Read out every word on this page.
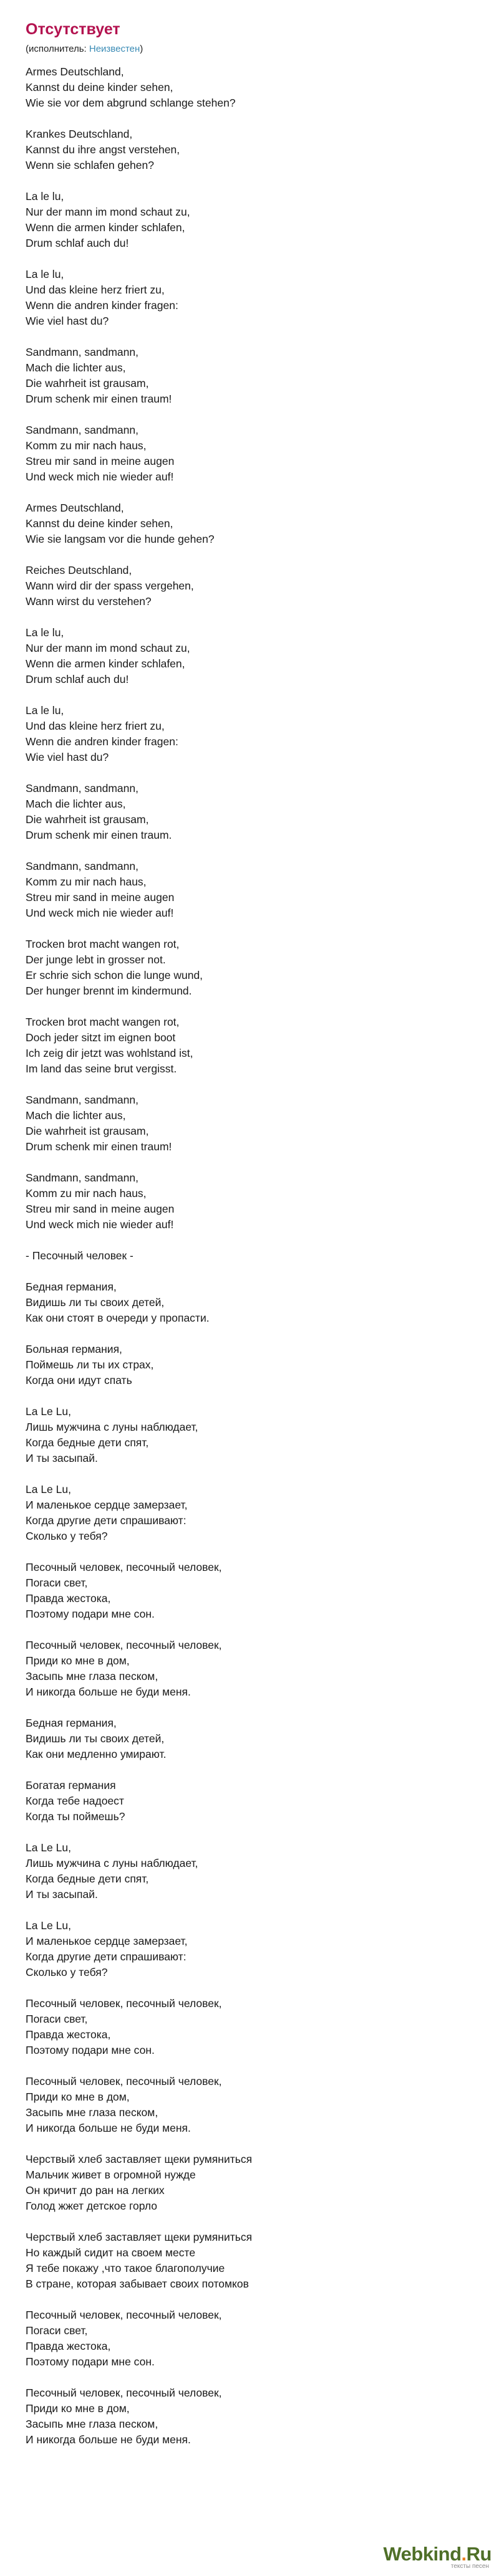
Отсутствует
(исполнитель: Неизвестен)
Armes Deutschland,
Kannst du deine kinder sehen,
Wie sie vor dem abgrund schlange stehen?
Krankes Deutschland,
Kannst du ihre angst verstehen,
Wenn sie schlafen gehen?
La le lu,
Nur der mann im mond schaut zu,
Wenn die armen kinder schlafen,
Drum schlaf auch du!
La le lu,
Und das kleine herz friert zu,
Wenn die andren kinder fragen:
Wie viel hast du?
Sandmann, sandmann,
Mach die lichter aus,
Die wahrheit ist grausam,
Drum schenk mir einen traum!
Sandmann, sandmann,
Komm zu mir nach haus,
Streu mir sand in meine augen
Und weck mich nie wieder auf!
Armes Deutschland,
Kannst du deine kinder sehen,
Wie sie langsam vor die hunde gehen?
Reiches Deutschland,
Wann wird dir der spass vergehen,
Wann wirst du verstehen?
La le lu,
Nur der mann im mond schaut zu,
Wenn die armen kinder schlafen,
Drum schlaf auch du!
La le lu,
Und das kleine herz friert zu,
Wenn die andren kinder fragen:
Wie viel hast du?
Sandmann, sandmann,
Mach die lichter aus,
Die wahrheit ist grausam,
Drum schenk mir einen traum.
Sandmann, sandmann,
Komm zu mir nach haus,
Streu mir sand in meine augen
Und weck mich nie wieder auf!
Trocken brot macht wangen rot,
Der junge lebt in grosser not.
Er schrie sich schon die lunge wund,
Der hunger brennt im kindermund.
Trocken brot macht wangen rot,
Doch jeder sitzt im eignen boot
Ich zeig dir jetzt was wohlstand ist,
Im land das seine brut vergisst.
Sandmann, sandmann,
Mach die lichter aus,
Die wahrheit ist grausam,
Drum schenk mir einen traum!
Sandmann, sandmann,
Komm zu mir nach haus,
Streu mir sand in meine augen
Und weck mich nie wieder auf!
- Песочный человек -
Бедная германия,
Видишь ли ты своих детей,
Как они стоят в очереди у пропасти.
Больная германия,
Поймешь ли ты их страх,
Когда они идут спать
La Le Lu,
Лишь мужчина с луны наблюдает,
Когда бедные дети спят,
И ты засыпай.
La Le Lu,
И маленькое сердце замерзает,
Когда другие дети спрашивают:
Сколько у тебя?
Песочный человек, песочный человек,
Погаси свет,
Правда жестока,
Поэтому подари мне сон.
Песочный человек, песочный человек,
Приди ко мне в дом,
Засыпь мне глаза песком,
И никогда больше не буди меня.
Бедная германия,
Видишь ли ты своих детей,
Как они медленно умирают.
Богатая германия
Когда тебе надоест
Когда ты поймешь?
La Le Lu,
Лишь мужчина с луны наблюдает,
Когда бедные дети спят,
И ты засыпай.
La Le Lu,
И маленькое сердце замерзает,
Когда другие дети спрашивают:
Сколько у тебя?
Песочный человек, песочный человек,
Погаси свет,
Правда жестока,
Поэтому подари мне сон.
Песочный человек, песочный человек,
Приди ко мне в дом,
Засыпь мне глаза песком,
И никогда больше не буди меня.
Черствый хлеб заставляет щеки румяниться
Мальчик живет в огромной нужде
Он кричит до ран на легких
Голод жжет детское горло
Черствый хлеб заставляет щеки румяниться
Но каждый сидит на своем месте
Я тебе покажу ,что такое благополучие
В стране, которая забывает своих потомков
Песочный человек, песочный человек,
Погаси свет,
Правда жестока,
Поэтому подари мне сон.
Песочный человек, песочный человек,
Приди ко мне в дом,
Засыпь мне глаза песком,
И никогда больше не буди меня.
Webkind.Ru
тексты песен
